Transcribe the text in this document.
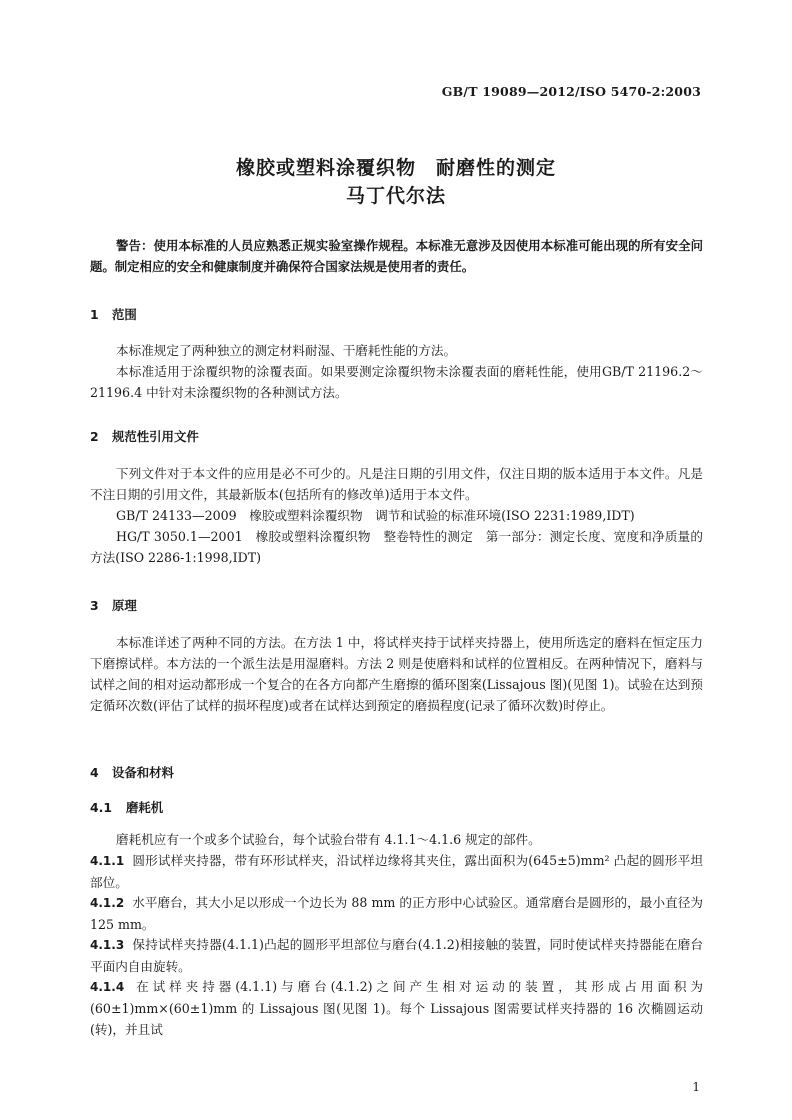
GB/T 19089—2012/ISO 5470-2:2003
橡胶或塑料涂覆织物　耐磨性的测定
马丁代尔法
警告：使用本标准的人员应熟悉正规实验室操作规程。本标准无意涉及因使用本标准可能出现的所有安全问题。制定相应的安全和健康制度并确保符合国家法规是使用者的责任。
1 范围

本标准规定了两种独立的测定材料耐湿、干磨耗性能的方法。

本标准适用于涂覆织物的涂覆表面。如果要测定涂覆织物未涂覆表面的磨耗性能，使用GB/T 21196.2～21196.4 中针对未涂覆织物的各种测试方法。

2 规范性引用文件

下列文件对于本文件的应用是必不可少的。凡是注日期的引用文件，仅注日期的版本适用于本文件。凡是不注日期的引用文件，其最新版本(包括所有的修改单)适用于本文件。

GB/T 24133—2009　橡胶或塑料涂覆织物　调节和试验的标准环境(ISO 2231:1989,IDT)

HG/T 3050.1—2001　橡胶或塑料涂覆织物　整卷特性的测定　第一部分：测定长度、宽度和净质量的方法(ISO 2286-1:1998,IDT)

3 原理

本标准详述了两种不同的方法。在方法 1 中，将试样夹持于试样夹持器上，使用所选定的磨料在恒定压力下磨擦试样。本方法的一个派生法是用湿磨料。方法 2 则是使磨料和试样的位置相反。在两种情况下，磨料与试样之间的相对运动都形成一个复合的在各方向都产生磨擦的循环图案(Lissajous 图)(见图 1)。试验在达到预定循环次数(评估了试样的损坏程度)或者在试样达到预定的磨损程度(记录了循环次数)时停止。

4 设备和材料
4.1 磨耗机

磨耗机应有一个或多个试验台，每个试验台带有 4.1.1～4.1.6 规定的部件。

4.1.1 圆形试样夹持器，带有环形试样夹，沿试样边缘将其夹住，露出面积为(645±5)mm² 凸起的圆形平坦部位。
4.1.2 水平磨台，其大小足以形成一个边长为 88 mm 的正方形中心试验区。通常磨台是圆形的，最小直径为 125 mm。
4.1.3 保持试样夹持器(4.1.1)凸起的圆形平坦部位与磨台(4.1.2)相接触的装置，同时使试样夹持器能在磨台平面内自由旋转。
4.1.4 在试样夹持器(4.1.1)与磨台(4.1.2)之间产生相对运动的装置，其形成占用面积为(60±1)mm×(60±1)mm 的 Lissajous 图(见图 1)。每个 Lissajous 图需要试样夹持器的 16 次椭圆运动(转)，并且试
1
